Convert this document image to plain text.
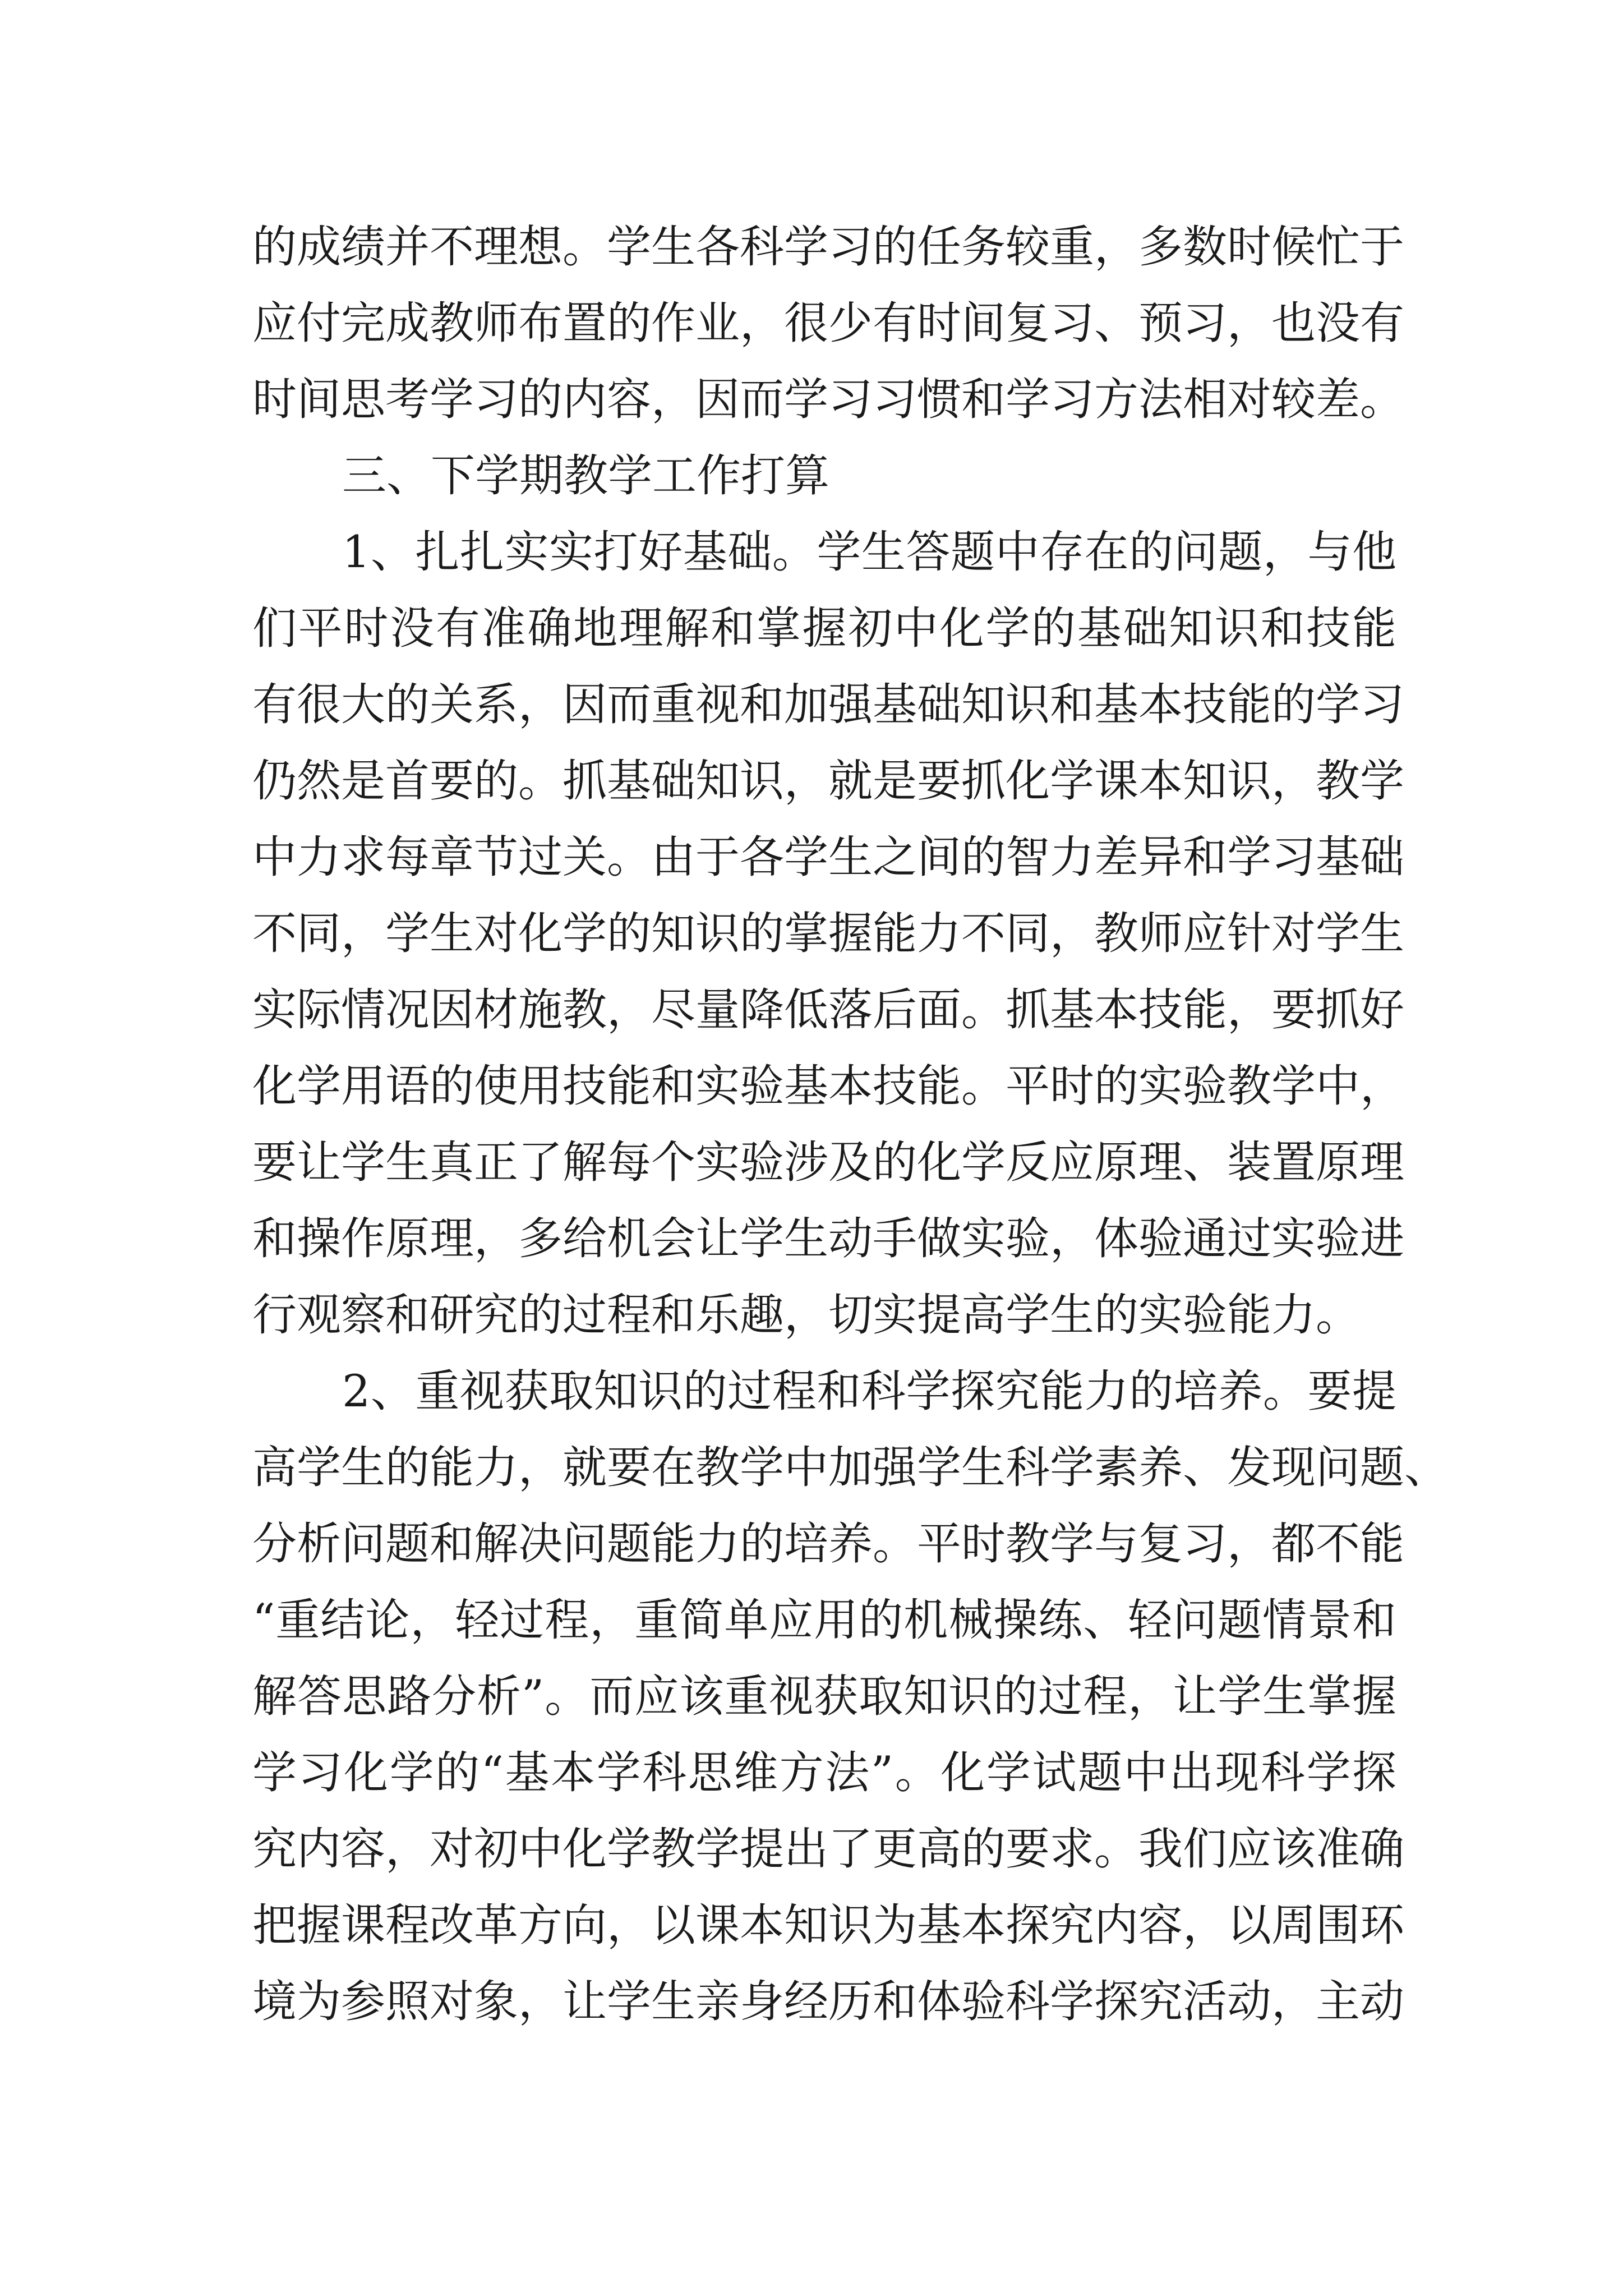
的成绩并不理想。学生各科学习的任务较重，多数时候忙于
应付完成教师布置的作业，很少有时间复习、预习，也没有
时间思考学习的内容，因而学习习惯和学习方法相对较差。
三、下学期教学工作打算
1、扎扎实实打好基础。学生答题中存在的问题，与他
们平时没有准确地理解和掌握初中化学的基础知识和技能
有很大的关系，因而重视和加强基础知识和基本技能的学习
仍然是首要的。抓基础知识，就是要抓化学课本知识，教学
中力求每章节过关。由于各学生之间的智力差异和学习基础
不同，学生对化学的知识的掌握能力不同，教师应针对学生
实际情况因材施教，尽量降低落后面。抓基本技能，要抓好
化学用语的使用技能和实验基本技能。平时的实验教学中，
要让学生真正了解每个实验涉及的化学反应原理、装置原理
和操作原理，多给机会让学生动手做实验，体验通过实验进
行观察和研究的过程和乐趣，切实提高学生的实验能力。
2、重视获取知识的过程和科学探究能力的培养。要提
高学生的能力，就要在教学中加强学生科学素养、发现问题、
分析问题和解决问题能力的培养。平时教学与复习，都不能
“重结论，轻过程，重简单应用的机械操练、轻问题情景和
解答思路分析”。而应该重视获取知识的过程，让学生掌握
学习化学的“基本学科思维方法”。化学试题中出现科学探
究内容，对初中化学教学提出了更高的要求。我们应该准确
把握课程改革方向，以课本知识为基本探究内容，以周围环
境为参照对象，让学生亲身经历和体验科学探究活动，主动
